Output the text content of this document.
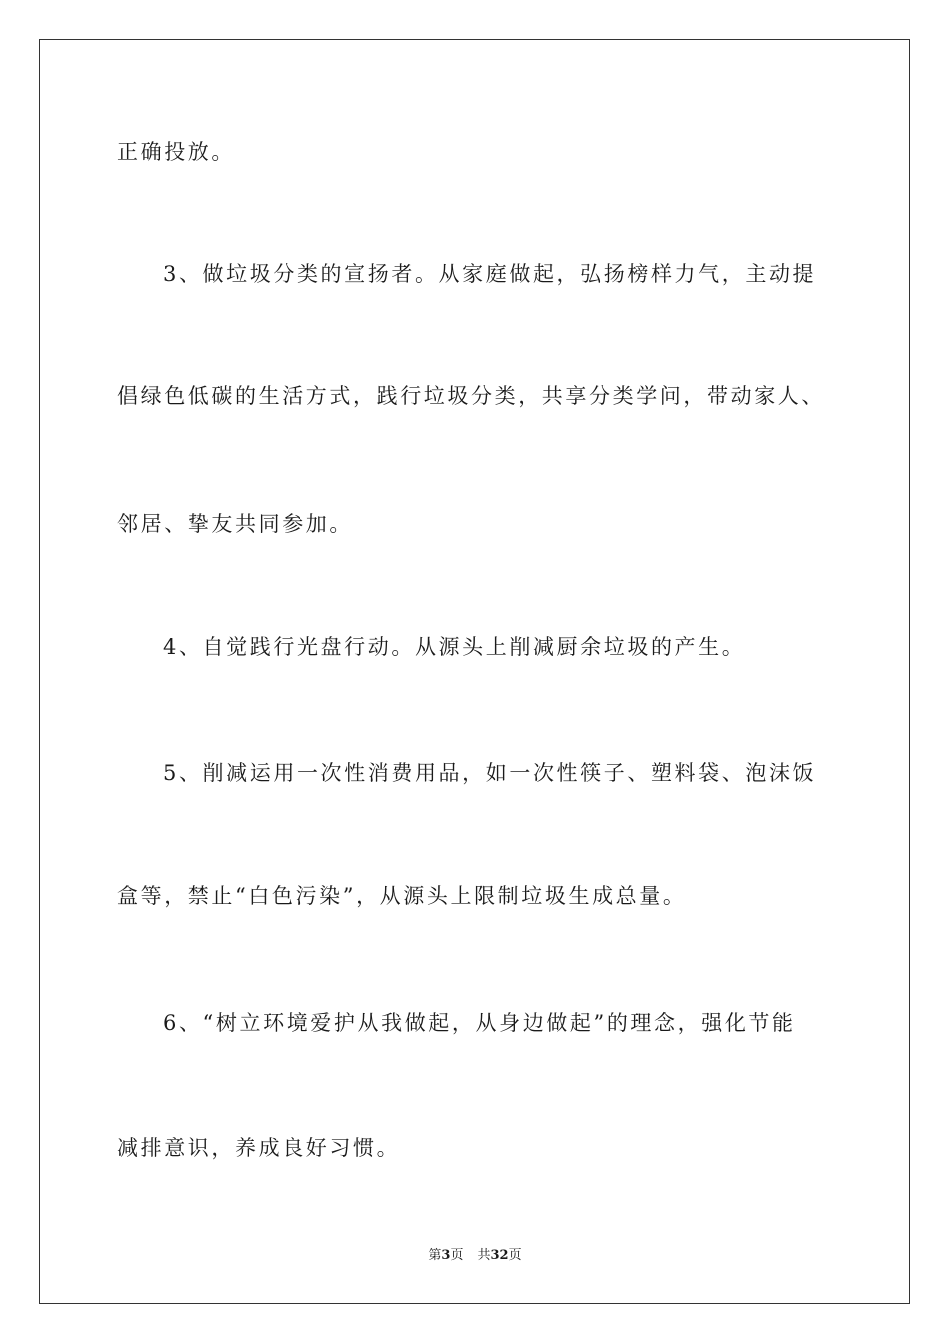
正确投放。
3、做垃圾分类的宣扬者。从家庭做起，弘扬榜样力气，主动提
倡绿色低碳的生活方式，践行垃圾分类，共享分类学问，带动家人、
邻居、挚友共同参加。
4、自觉践行光盘行动。从源头上削减厨余垃圾的产生。
5、削减运用一次性消费用品，如一次性筷子、塑料袋、泡沫饭
盒等，禁止“白色污染”，从源头上限制垃圾生成总量。
6、“树立环境爱护从我做起，从身边做起”的理念，强化节能
减排意识，养成良好习惯。
第3页 共32页
